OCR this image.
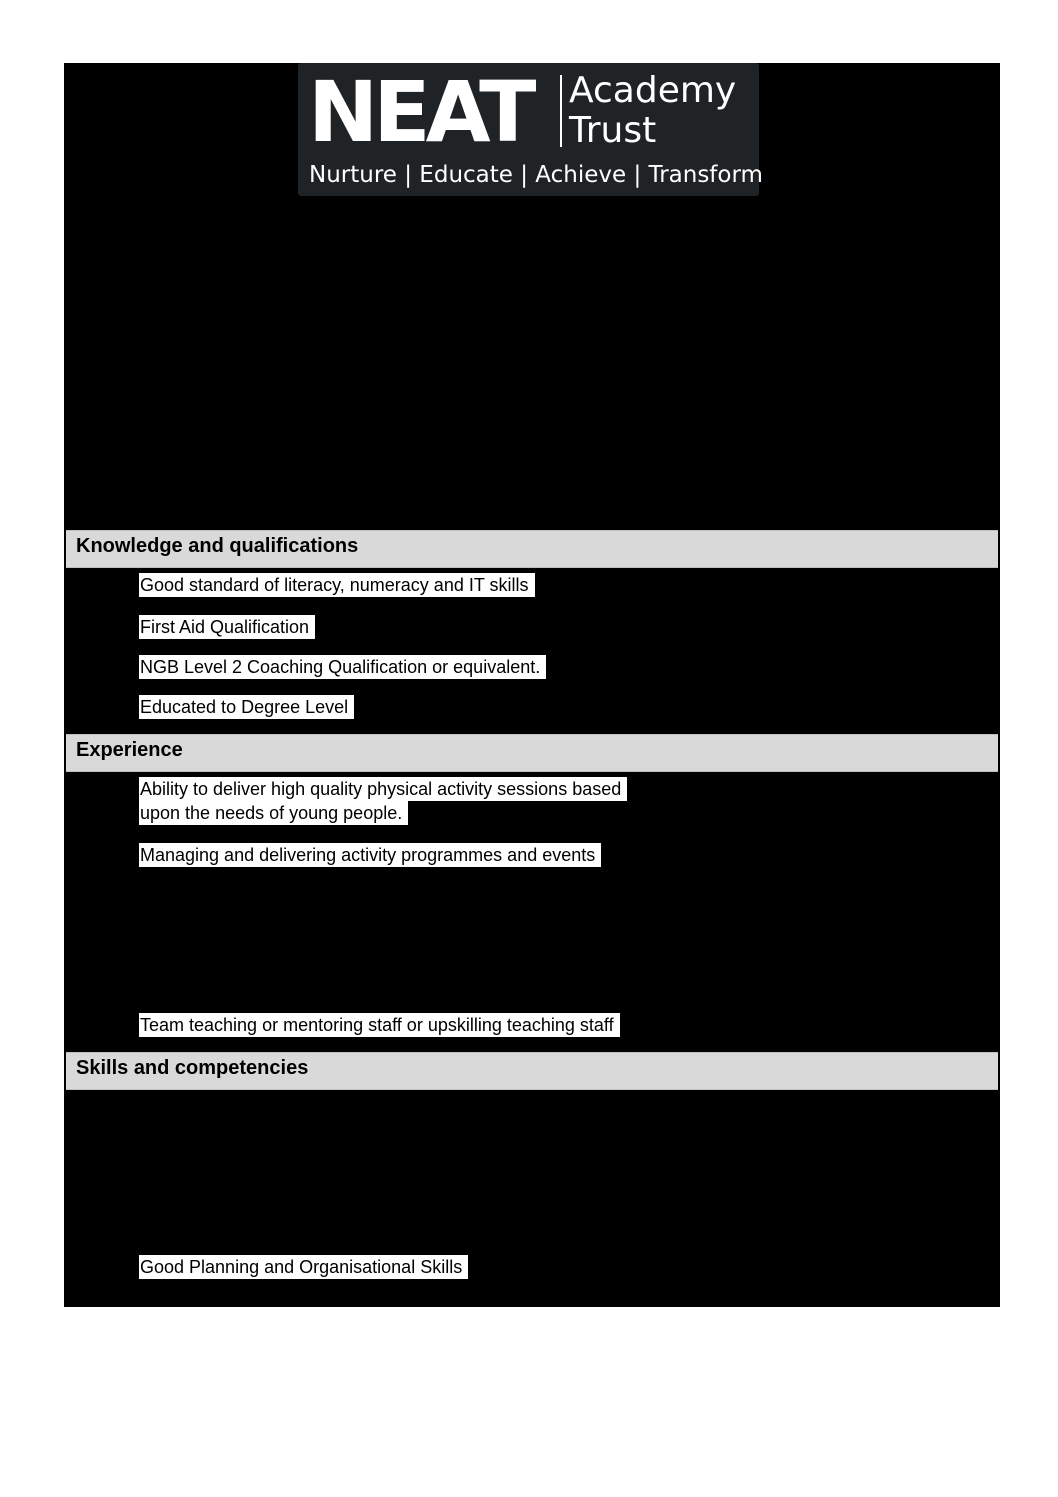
NEAT Academy
Trust
Nurture | Educate | Achieve | Transform
Knowledge and qualifications
Good standard of literacy, numeracy and IT skills
First Aid Qualification
NGB Level 2 Coaching Qualification or equivalent.
Educated to Degree Level
Experience
Ability to deliver high quality physical activity sessions based
upon the needs of young people.
Managing and delivering activity programmes and events
Team teaching or mentoring staff or upskilling teaching staff
Skills and competencies
Good Planning and Organisational Skills
